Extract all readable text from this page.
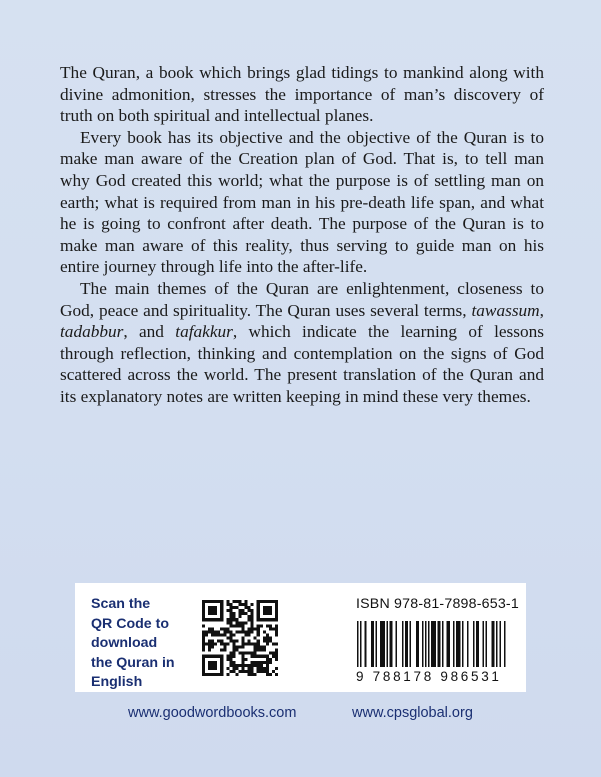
The Quran, a book which brings glad tidings to mankind along with divine admonition, stresses the importance of man’s discovery of truth on both spiritual and intellectual planes.

Every book has its objective and the objective of the Quran is to make man aware of the Creation plan of God. That is, to tell man why God created this world; what the purpose is of settling man on earth; what is required from man in his pre-death life span, and what he is going to confront after death. The purpose of the Quran is to make man aware of this reality, thus serving to guide man on his entire journey through life into the after-life.

The main themes of the Quran are enlightenment, closeness to God, peace and spirituality. The Quran uses several terms, tawassum, tadabbur, and tafakkur, which indicate the learning of lessons through reflection, thinking and contemplation on the signs of God scattered across the world. The present translation of the Quran and its explanatory notes are written keeping in mind these very themes.

Scan the
QR Code to
download
the Quran in
English
ISBN 978-81-7898-653-1
9 788178 986531
www.goodwordbooks.com	www.cpsglobal.org
